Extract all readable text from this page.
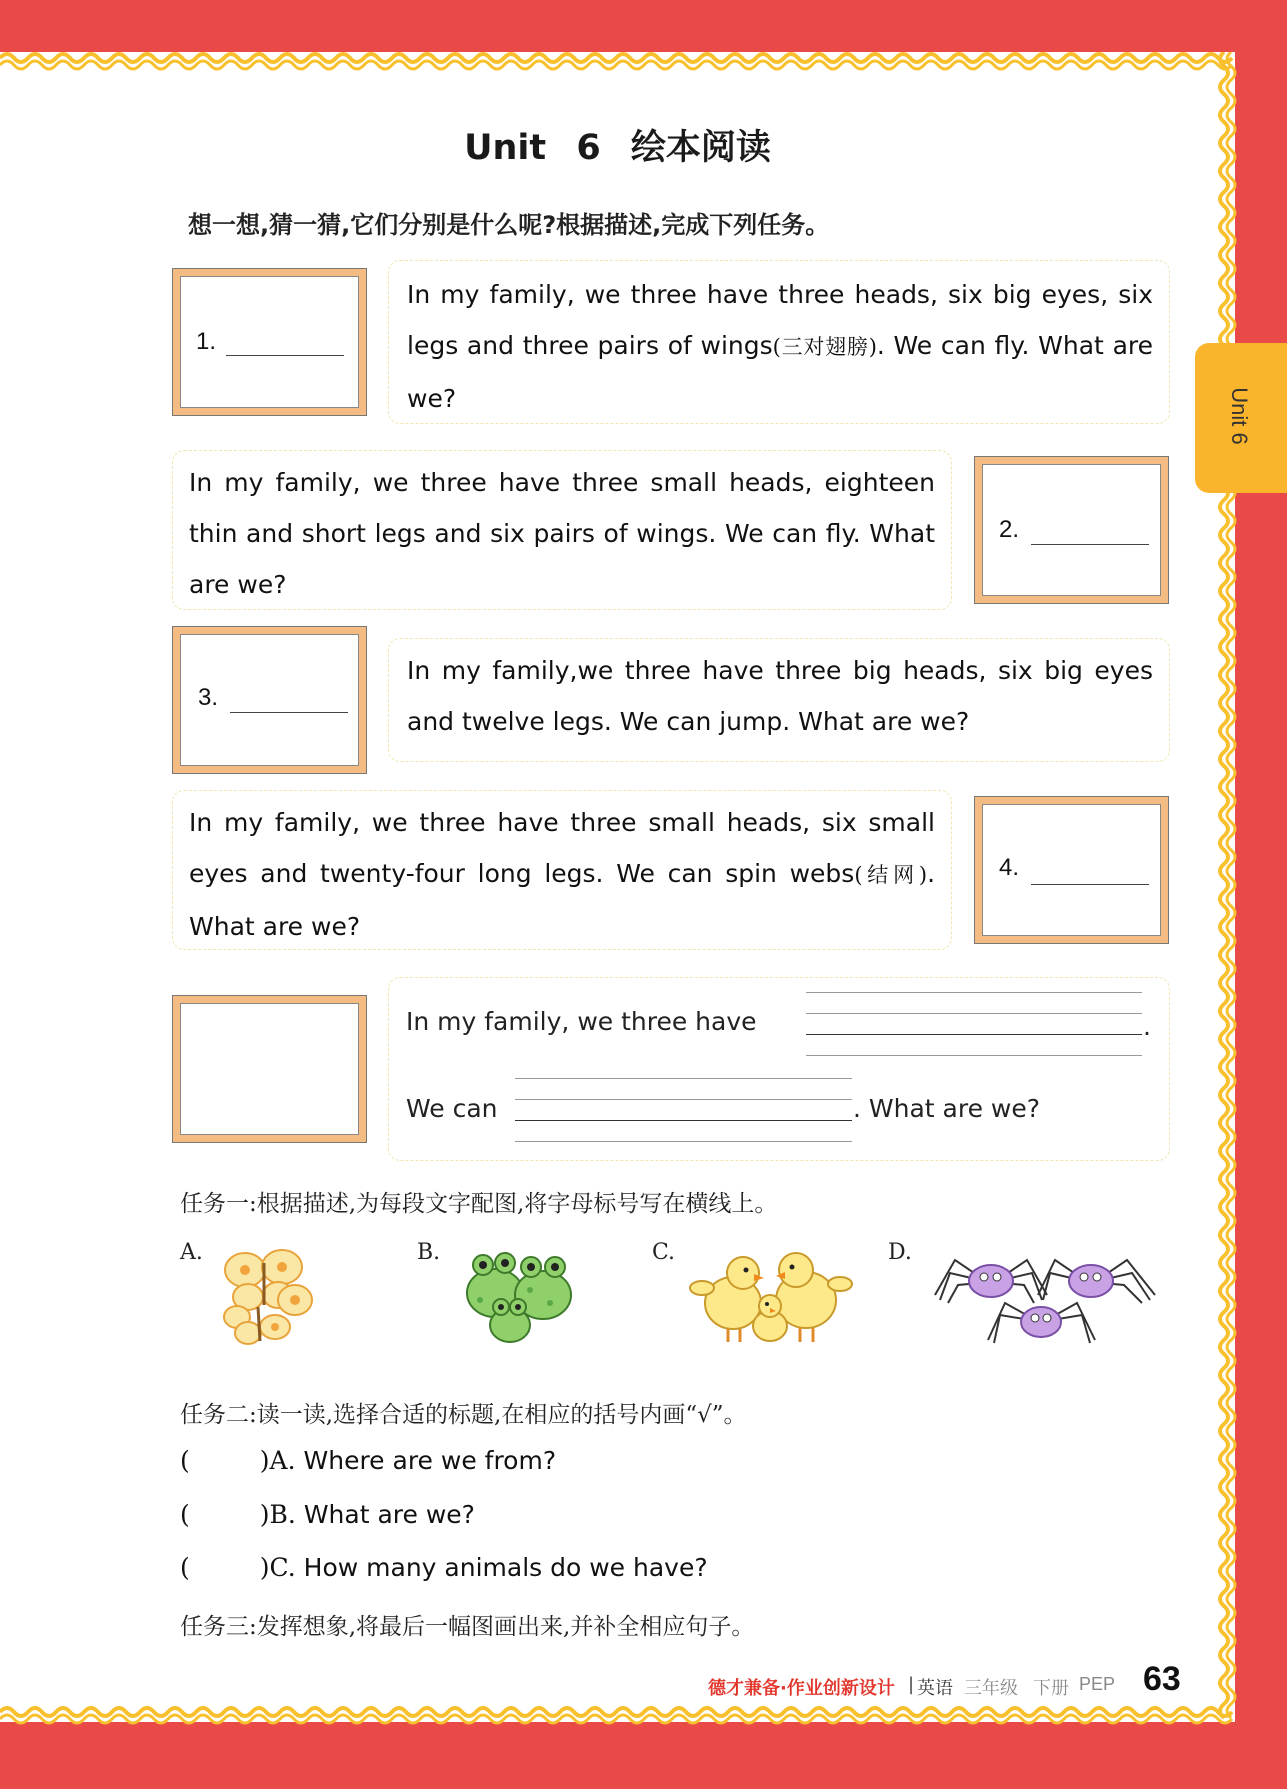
Unit 6
Unit 6 绘本阅读
想一想,猜一猜,它们分别是什么呢?根据描述,完成下列任务。
1.

In my family, we three have three heads, six big eyes, six legs and three pairs of wings(三对翅膀). We can fly. What are we?

In my family, we three have three small heads, eighteen thin and short legs and six pairs of wings. We can fly. What are we?

2.
3.

In my family,we three have three big heads, six big eyes and twelve legs. We can jump. What are we?

In my family, we three have three small heads, six small eyes and twenty-four long legs. We can spin webs(结网). What are we?

4.
In my family, we three have	.
We can	. What are we?
任务一:根据描述,为每段文字配图,将字母标号写在横线上。
A.	B.	C.	D.
任务二:读一读,选择合适的标题,在相应的括号内画“√”。
(	)A. Where are we from?
(	)B. What are we?
(	)C. How many animals do we have?
任务三:发挥想象,将最后一幅图画出来,并补全相应句子。
德才兼备·作业创新设计 | 英语 三年级 下册 PEP 63
